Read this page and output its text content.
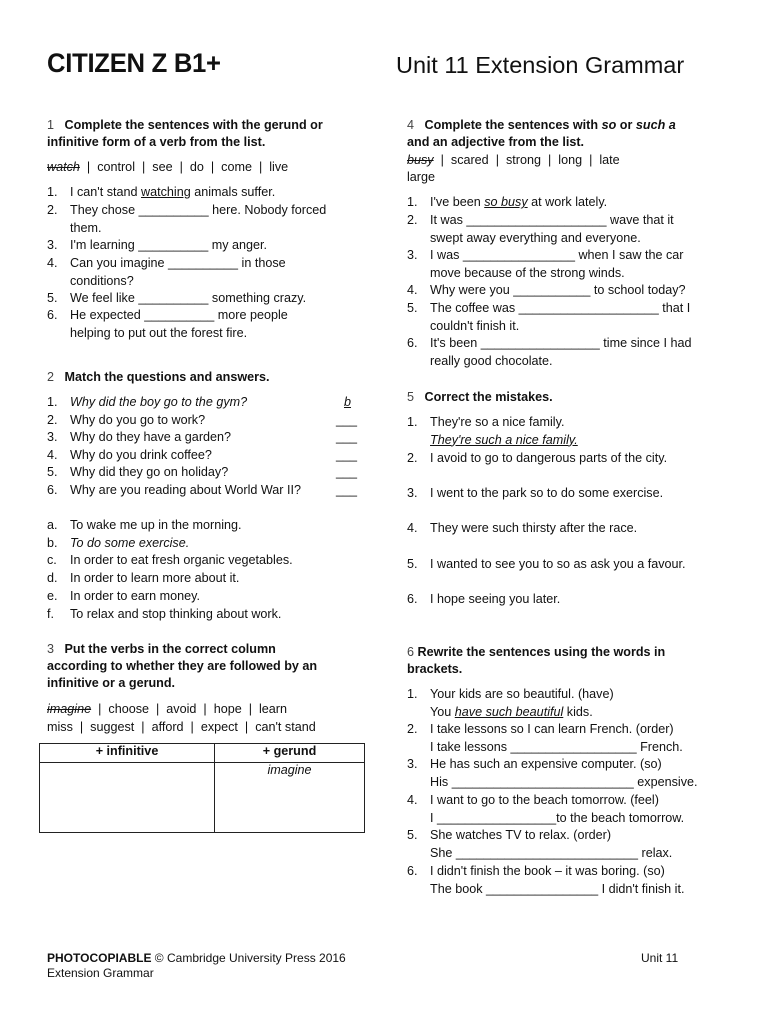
CITIZEN Z B1+	Unit 11 Extension Grammar
1 Complete the sentences with the gerund or
infinitive form of a verb from the list.
watch  |  control  |  see  |  do  |  come  |  live
1. I can't stand watching animals suffer.
2. They chose __________ here. Nobody forced
them.
3. I'm learning __________ my anger.
4. Can you imagine __________ in those
conditions?
5. We feel like __________ something crazy.
6. He expected __________ more people
helping to put out the forest fire.
2 Match the questions and answers.
1. Why did the boy go to the gym?	b
2. Why do you go to work?	___
3. Why do they have a garden?	___
4. Why do you drink coffee?	___
5. Why did they go on holiday?	___
6. Why are you reading about World War II?	___
a. To wake me up in the morning.
b. To do some exercise.
c. In order to eat fresh organic vegetables.
d. In order to learn more about it.
e. In order to earn money.
f. To relax and stop thinking about work.
3 Put the verbs in the correct column
according to whether they are followed by an
infinitive or a gerund.
imagine  |  choose  |  avoid  |  hope  |  learn
miss  |  suggest  |  afford  |  expect  |  can't stand
+ infinitive	+ gerund
	imagine
4 Complete the sentences with so or such a
and an adjective from the list.
busy  |  scared  |  strong  |  long  |  late
large
1. I've been so busy at work lately.
2. It was ____________________ wave that it
swept away everything and everyone.
3. I was ________________ when I saw the car
move because of the strong winds.
4. Why were you ___________ to school today?
5. The coffee was ____________________ that I
couldn't finish it.
6. It's been _________________ time since I had
really good chocolate.
5 Correct the mistakes.
1. They're so a nice family.
They're such a nice family.
2. I avoid to go to dangerous parts of the city.
3. I went to the park so to do some exercise.
4. They were such thirsty after the race.
5. I wanted to see you to so as ask you a favour.
6. I hope seeing you later.
6 Rewrite the sentences using the words in
brackets.
1. Your kids are so beautiful. (have)
You have such beautiful kids.
2. I take lessons so I can learn French. (order)
I take lessons __________________ French.
3. He has such an expensive computer. (so)
His __________________________ expensive.
4. I want to go to the beach tomorrow. (feel)
I _________________to the beach tomorrow.
5. She watches TV to relax. (order)
She __________________________ relax.
6. I didn't finish the book – it was boring. (so)
The book ________________ I didn't finish it.
PHOTOCOPIABLE © Cambridge University Press 2016
Extension Grammar
Unit 11
